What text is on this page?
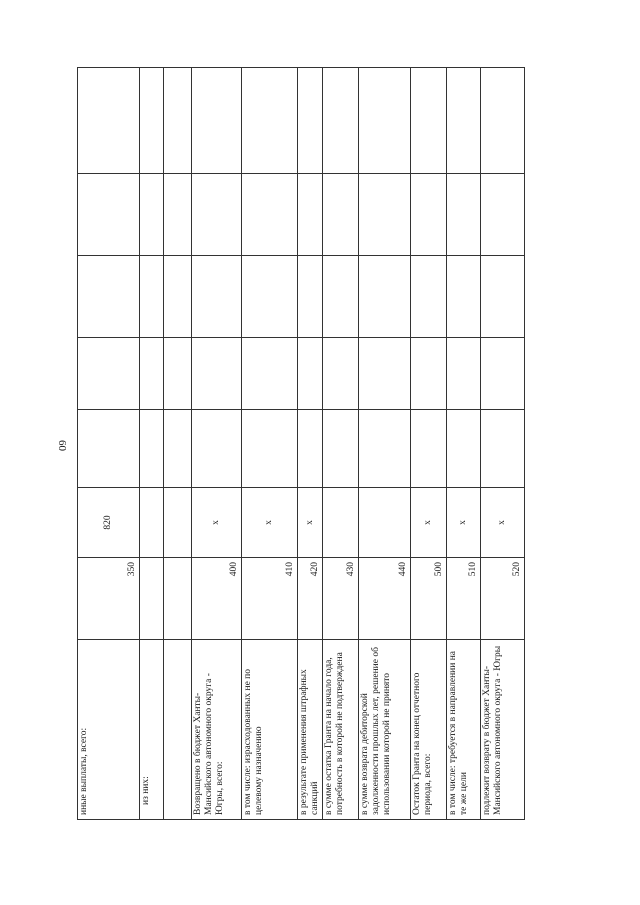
60
иные выплаты, всего:	350	820					
из них:							

Возвращено в бюджет Ханты-Мансийского автономного округа - Югры, всего:	400	x					
в том числе: израсходованных не по целевому назначению	410	x					
в результате применения штрафных санкций	420	x					
в сумме остатка Гранта на начало года, потребность в которой не подтверждена	430						
в сумме возврата дебиторской задолженности прошлых лет, решение об использовании которой не принято	440						
Остаток Гранта на конец отчетного периода, всего:	500	x					
в том числе: требуется в направлении на те же цели	510	x					
подлежит возврату в бюджет Ханты-Мансийского автономного округа - Югры	520	x					
